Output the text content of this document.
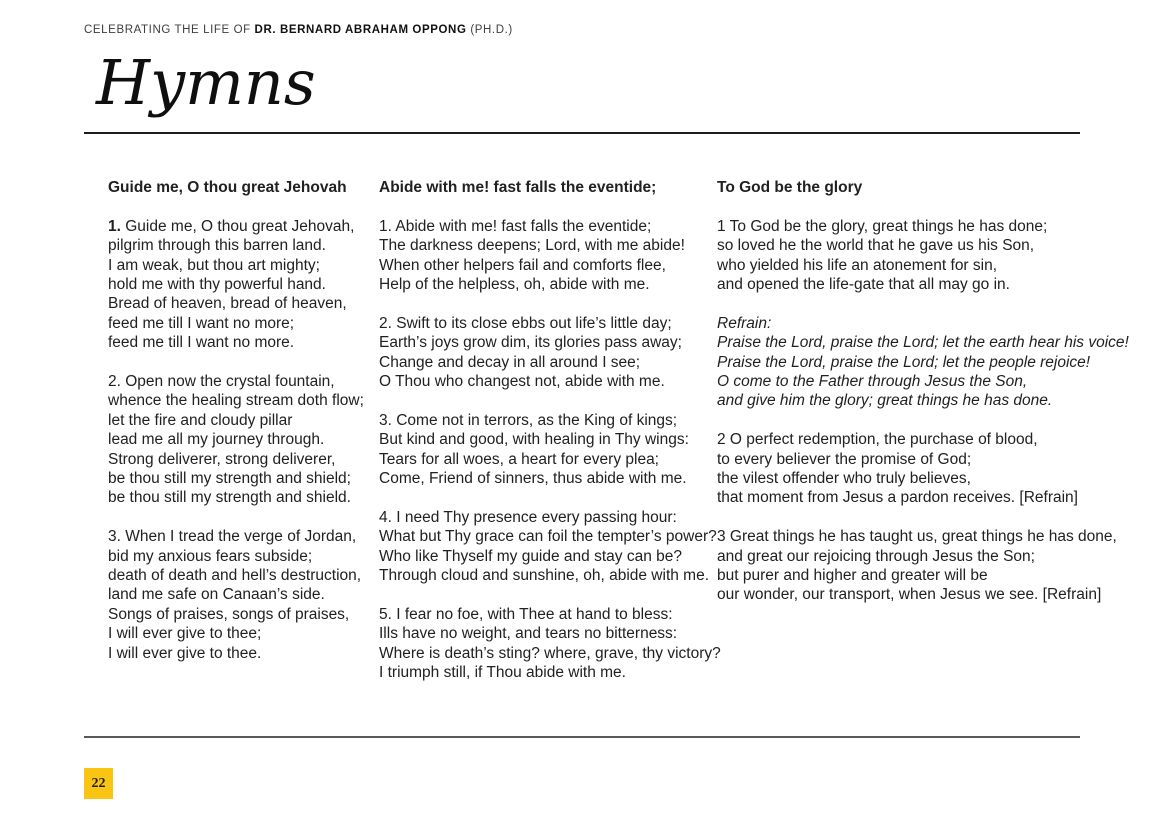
CELEBRATING THE LIFE OF DR. BERNARD ABRAHAM OPPONG (PH.D.)
Hymns
Guide me, O thou great Jehovah

1. Guide me, O thou great Jehovah,
pilgrim through this barren land.
I am weak, but thou art mighty;
hold me with thy powerful hand.
Bread of heaven, bread of heaven,
feed me till I want no more;
feed me till I want no more.

2. Open now the crystal fountain,
whence the healing stream doth flow;
let the fire and cloudy pillar
lead me all my journey through.
Strong deliverer, strong deliverer,
be thou still my strength and shield;
be thou still my strength and shield.

3. When I tread the verge of Jordan,
bid my anxious fears subside;
death of death and hell’s destruction,
land me safe on Canaan’s side.
Songs of praises, songs of praises,
I will ever give to thee;
I will ever give to thee.

Abide with me! fast falls the eventide;

1. Abide with me! fast falls the eventide;
The darkness deepens; Lord, with me abide!
When other helpers fail and comforts flee,
Help of the helpless, oh, abide with me.

2. Swift to its close ebbs out life’s little day;
Earth’s joys grow dim, its glories pass away;
Change and decay in all around I see;
O Thou who changest not, abide with me.

3. Come not in terrors, as the King of kings;
But kind and good, with healing in Thy wings:
Tears for all woes, a heart for every plea;
Come, Friend of sinners, thus abide with me.

4. I need Thy presence every passing hour:
What but Thy grace can foil the tempter’s power?
Who like Thyself my guide and stay can be?
Through cloud and sunshine, oh, abide with me.

5. I fear no foe, with Thee at hand to bless:
Ills have no weight, and tears no bitterness:
Where is death’s sting? where, grave, thy victory?
I triumph still, if Thou abide with me.

To God be the glory

1 To God be the glory, great things he has done;
so loved he the world that he gave us his Son,
who yielded his life an atonement for sin,
and opened the life-gate that all may go in.

Refrain:
Praise the Lord, praise the Lord; let the earth hear his voice!
Praise the Lord, praise the Lord; let the people rejoice!
O come to the Father through Jesus the Son,
and give him the glory; great things he has done.

2 O perfect redemption, the purchase of blood,
to every believer the promise of God;
the vilest offender who truly believes,
that moment from Jesus a pardon receives. [Refrain]

3 Great things he has taught us, great things he has done,
and great our rejoicing through Jesus the Son;
but purer and higher and greater will be
our wonder, our transport, when Jesus we see. [Refrain]

22
